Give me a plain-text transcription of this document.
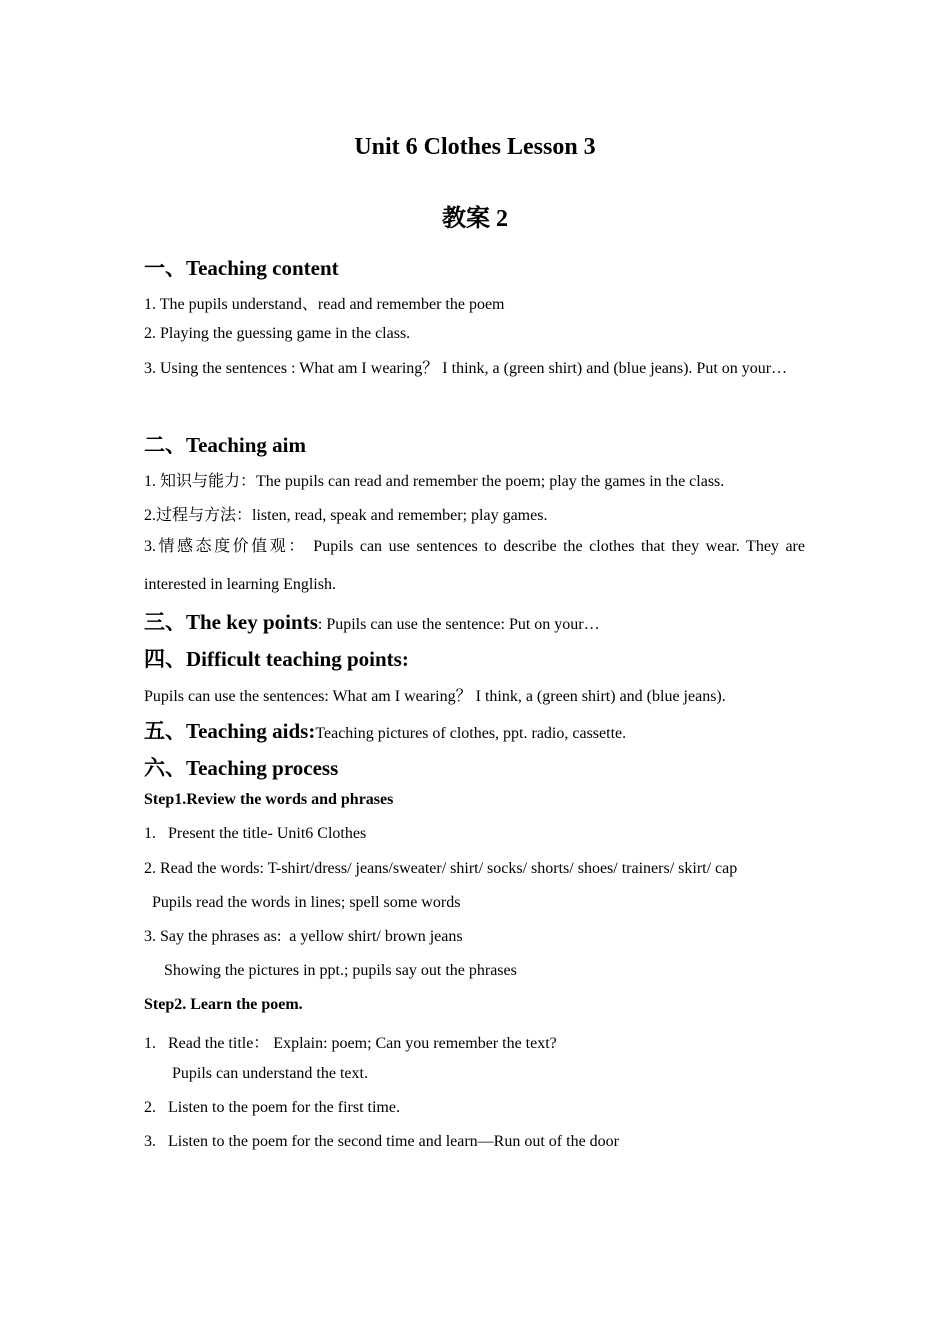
Unit 6 Clothes Lesson 3
教案 2
一、Teaching content

1. The pupils understand、read and remember the poem

2. Playing the guessing game in the class.

3. Using the sentences : What am I wearing？ I think, a (green shirt) and (blue jeans). Put on your…

二、Teaching aim

1. 知识与能力：The pupils can read and remember the poem; play the games in the class.

2.过程与方法：listen, read, speak and remember; play games.

3.情感态度价值观： Pupils can use sentences to describe the clothes that they wear. They are interested in learning English.

三、The key points: Pupils can use the sentence: Put on your…
四、Difficult teaching points:

Pupils can use the sentences: What am I wearing？ I think, a (green shirt) and (blue jeans).

五、Teaching aids:Teaching pictures of clothes, ppt. radio, cassette.
六、Teaching process

Step1.Review the words and phrases

1.   Present the title- Unit6 Clothes

2. Read the words: T-shirt/dress/ jeans/sweater/ shirt/ socks/ shorts/ shoes/ trainers/ skirt/ cap

Pupils read the words in lines; spell some words

3. Say the phrases as:  a yellow shirt/ brown jeans

Showing the pictures in ppt.; pupils say out the phrases

Step2. Learn the poem.

1.   Read the title： Explain: poem; Can you remember the text?

Pupils can understand the text.

2.   Listen to the poem for the first time.

3.   Listen to the poem for the second time and learn—Run out of the door
